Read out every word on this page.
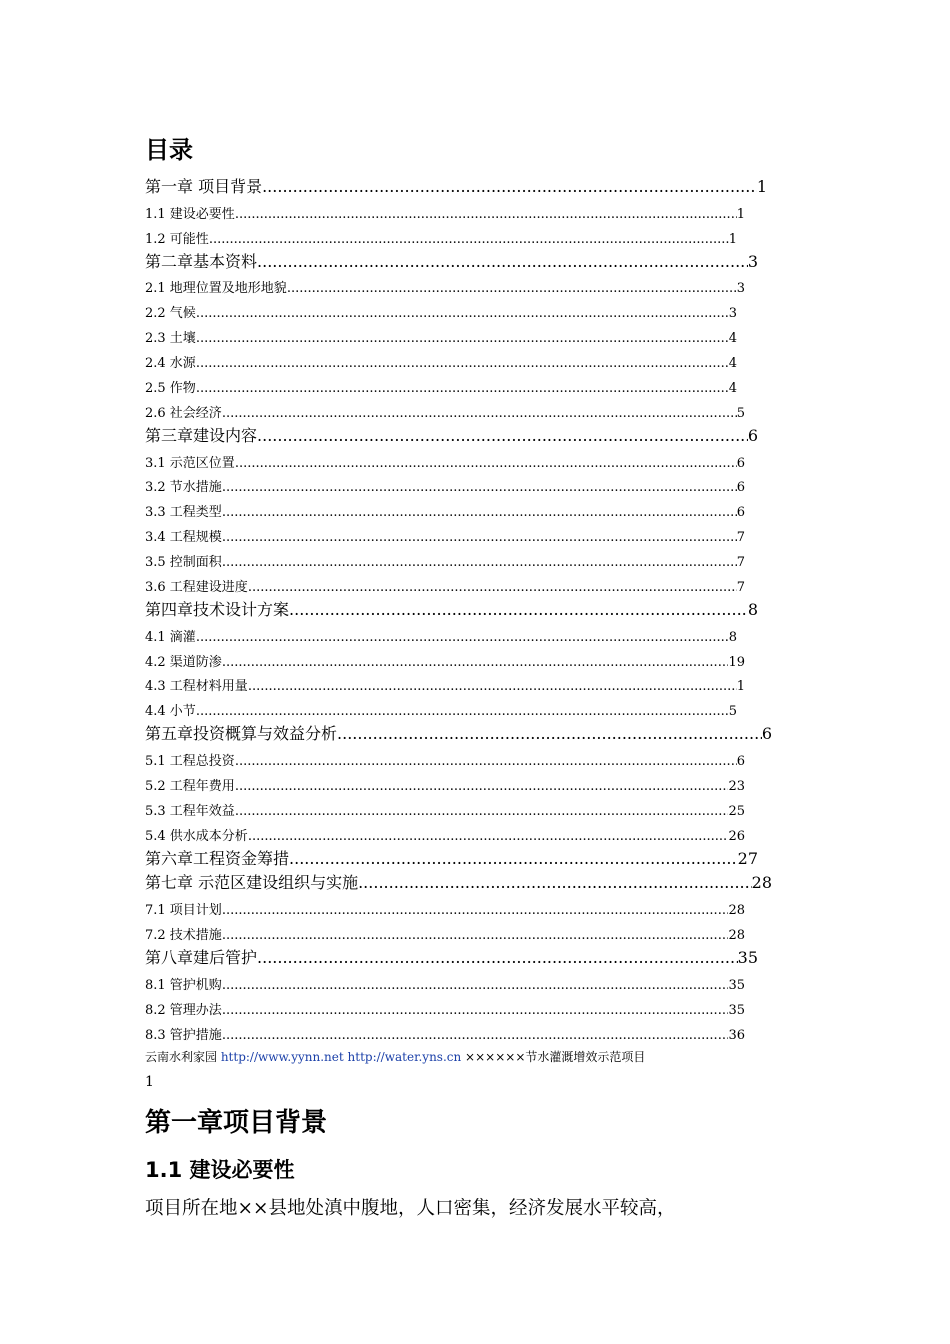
目录
第一章 项目背景 .....	1
1.1 建设必要性 .....	1
1.2 可能性 .....	1
第二章基本资料 .....	3
2.1 地理位置及地形地貌 .....	3
2.2 气候 .....	3
2.3 土壤 .....	4
2.4 水源 .....	4
2.5 作物 .....	4
2.6 社会经济 .....	5
第三章建设内容 .....	6
3.1 示范区位置 .....	6
3.2 节水措施 .....	6
3.3 工程类型 .....	6
3.4 工程规模 .....	7
3.5 控制面积 .....	7
3.6 工程建设进度 .....	7
第四章技术设计方案 .....	8
4.1 滴灌 .....	8
4.2 渠道防渗 .....	19
4.3 工程材料用量 .....	1
4.4 小节 .....	5
第五章投资概算与效益分析 .....	6
5.1 工程总投资 .....	6
5.2 工程年费用 .....	23
5.3 工程年效益 .....	25
5.4 供水成本分析 .....	26
第六章工程资金筹措 .....	27
第七章 示范区建设组织与实施 .....	28
7.1 项目计划 .....	28
7.2 技术措施 .....	28
第八章建后管护 .....	35
8.1 管护机购 .....	35
8.2 管理办法 .....	35
8.3 管护措施 .....	36
云南水利家园 http://www.yynn.net http://water.yns.cn ××××××节水灌溉增效示范项目
1
第一章项目背景
1.1 建设必要性

项目所在地××县地处滇中腹地，人口密集，经济发展水平较高，
